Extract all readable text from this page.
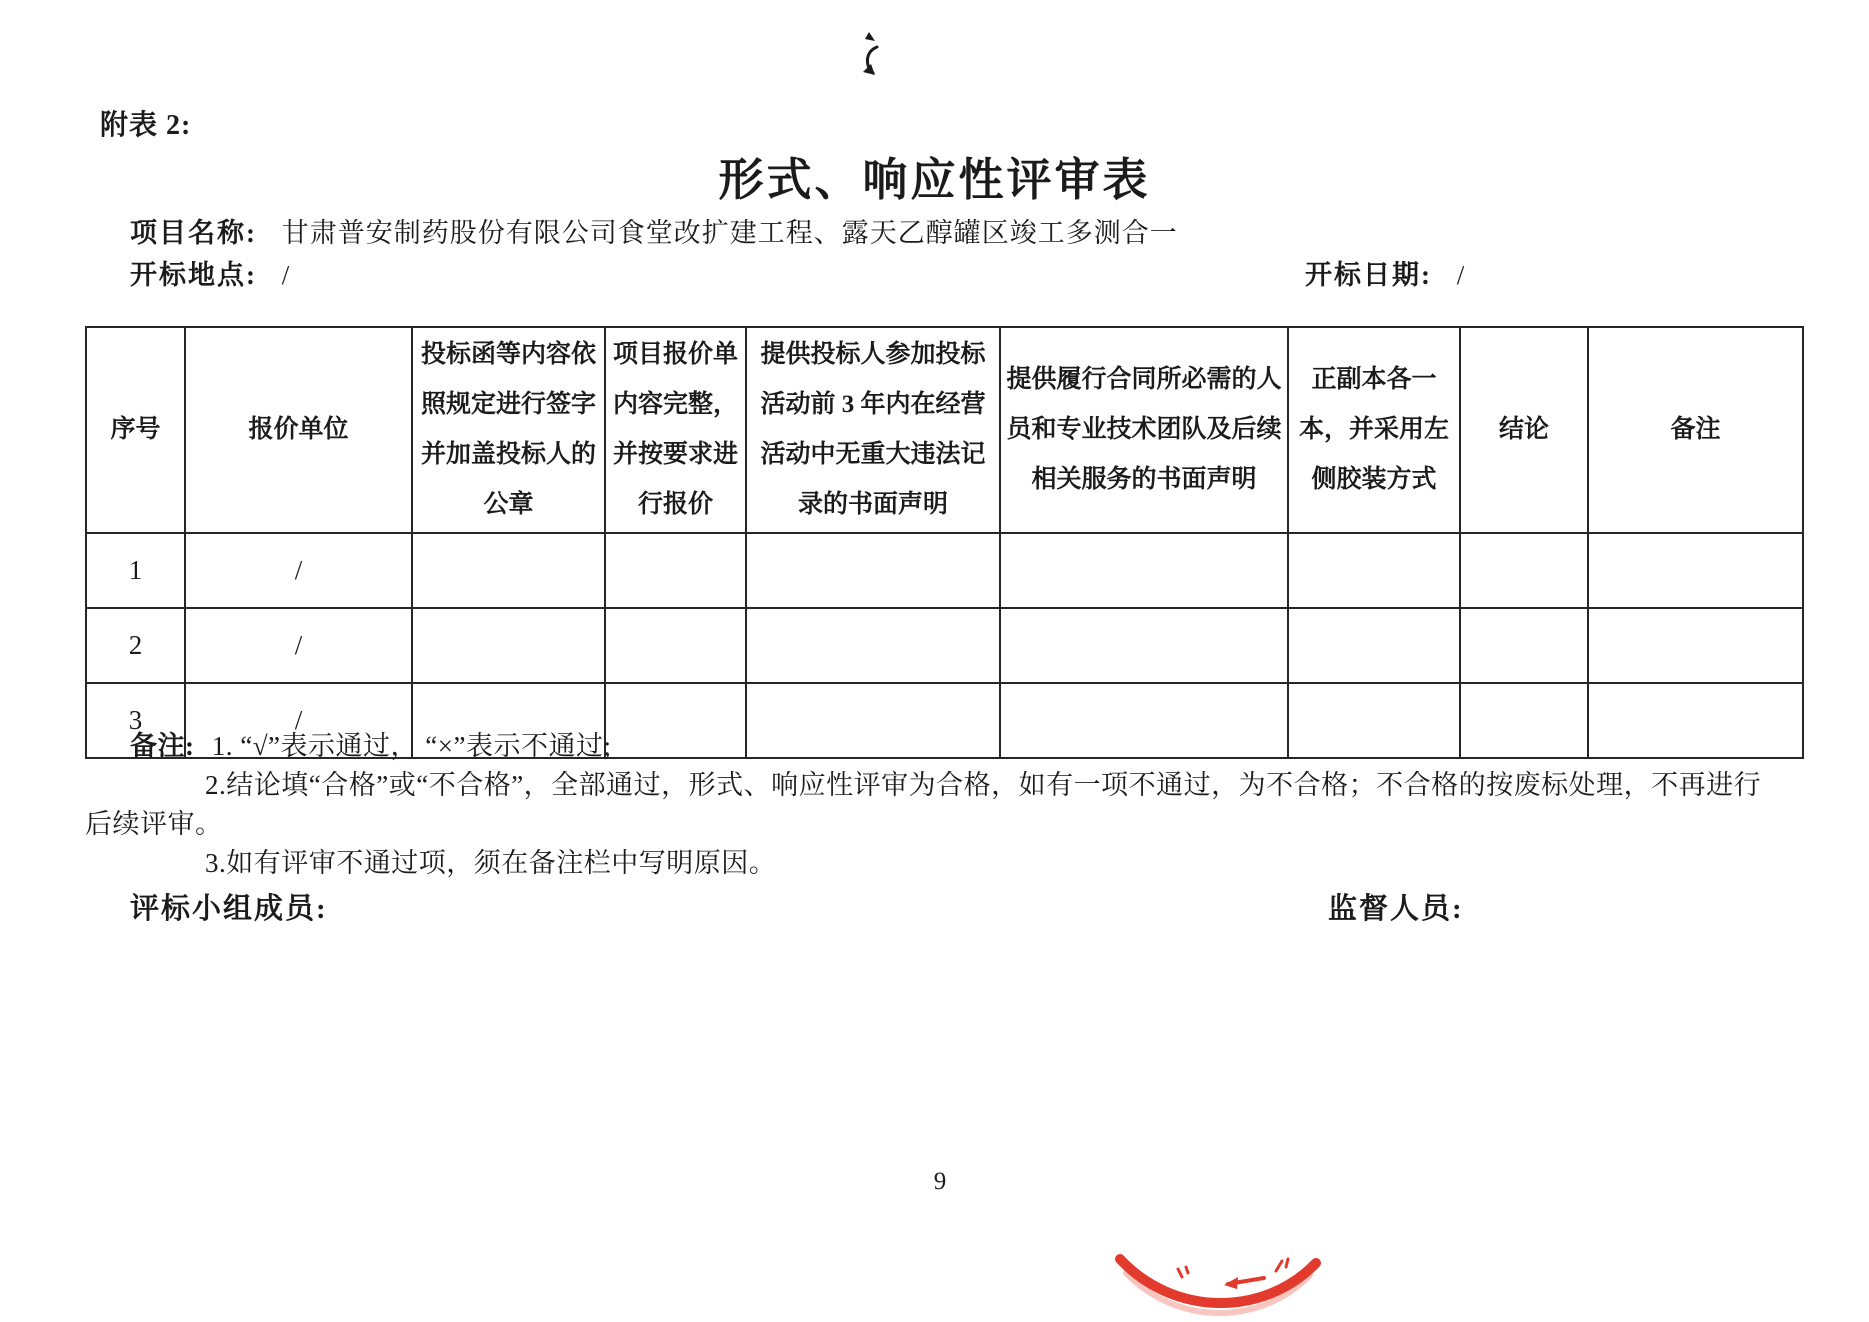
附表 2:
形式、响应性评审表
项目名称: 甘肃普安制药股份有限公司食堂改扩建工程、露天乙醇罐区竣工多测合一
开标地点: /	开标日期: /
序号	报价单位	投标函等内容依照规定进行签字并加盖投标人的公章	项目报价单内容完整，并按要求进行报价	提供投标人参加投标活动前 3 年内在经营活动中无重大违法记录的书面声明	提供履行合同所必需的人员和专业技术团队及后续相关服务的书面声明	正副本各一本，并采用左侧胶装方式	结论	备注
1	/							
2	/							
3	/							
备注: 1. “√”表示通过， “×”表示不通过;
2.结论填“合格”或“不合格”，全部通过，形式、响应性评审为合格，如有一项不通过，为不合格；不合格的按废标处理，不再进行
后续评审。
3.如有评审不通过项，须在备注栏中写明原因。
评标小组成员:	监督人员:
9
